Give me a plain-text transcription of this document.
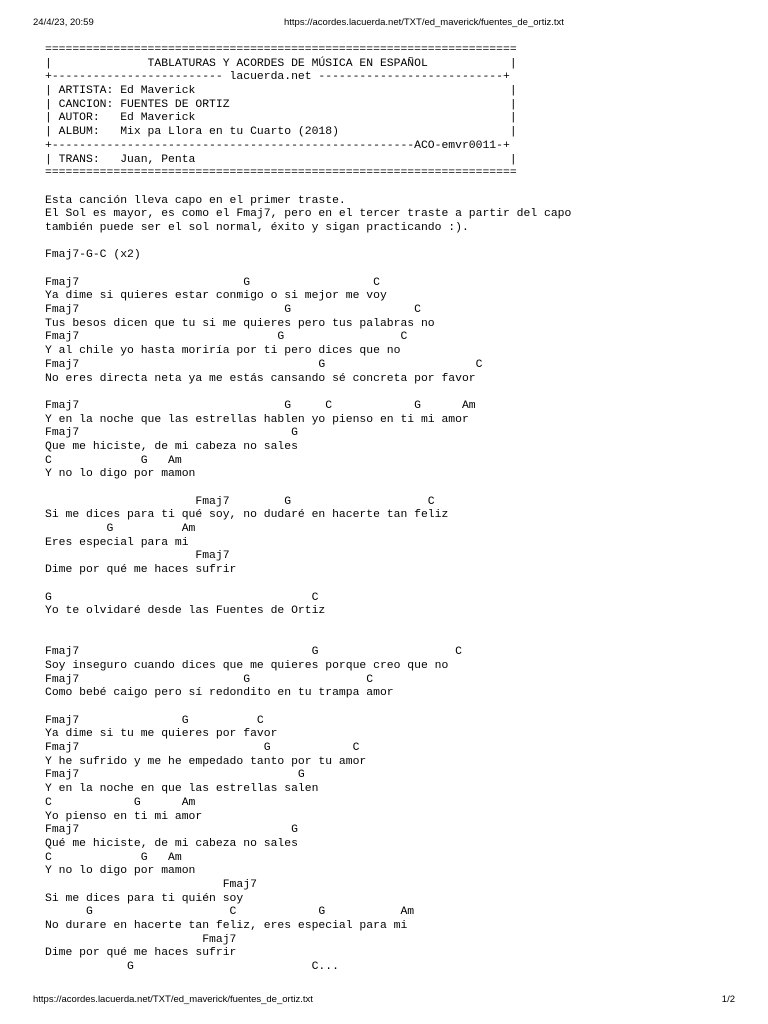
24/4/23, 20:59	https://acordes.lacuerda.net/TXT/ed_maverick/fuentes_de_ortiz.txt
=====================================================================
|              TABLATURAS Y ACORDES DE MÚSICA EN ESPAÑOL            |
+------------------------- lacuerda.net ---------------------------+
| ARTISTA: Ed Maverick                                              |
| CANCION: FUENTES DE ORTIZ                                         |
| AUTOR:   Ed Maverick                                              |
| ALBUM:   Mix pa Llora en tu Cuarto (2018)                         |
+-----------------------------------------------------ACO-emvr0011-+
| TRANS:   Juan, Penta                                              |
=====================================================================
Esta canción lleva capo en el primer traste.
El Sol es mayor, es como el Fmaj7, pero en el tercer traste a partir del capo
también puede ser el sol normal, éxito y sigan practicando :).
Fmaj7-G-C (x2)
Fmaj7                        G                  C
Ya dime si quieres estar conmigo o si mejor me voy
Fmaj7                              G                  C
Tus besos dicen que tu si me quieres pero tus palabras no
Fmaj7                             G                 C
Y al chile yo hasta moriría por ti pero dices que no
Fmaj7                                   G                      C
No eres directa neta ya me estás cansando sé concreta por favor
Fmaj7                              G     C            G      Am
Y en la noche que las estrellas hablen yo pienso en ti mi amor
Fmaj7                               G
Que me hiciste, de mi cabeza no sales
C             G   Am
Y no lo digo por mamon
Fmaj7        G                    C
Si me dices para ti qué soy, no dudaré en hacerte tan feliz
G          Am
Eres especial para mi
Fmaj7
Dime por qué me haces sufrir
G                                      C
Yo te olvidaré desde las Fuentes de Ortiz
Fmaj7                                  G                    C
Soy inseguro cuando dices que me quieres porque creo que no
Fmaj7                        G                 C
Como bebé caigo pero sí redondito en tu trampa amor
Fmaj7               G          C
Ya dime si tu me quieres por favor
Fmaj7                           G            C
Y he sufrido y me he empedado tanto por tu amor
Fmaj7                                G
Y en la noche en que las estrellas salen
C            G      Am
Yo pienso en ti mi amor
Fmaj7                               G
Qué me hiciste, de mi cabeza no sales
C             G   Am
Y no lo digo por mamon
Fmaj7
Si me dices para ti quién soy
G                    C            G           Am
No durare en hacerte tan feliz, eres especial para mi
Fmaj7
Dime por qué me haces sufrir
G                          C...
https://acordes.lacuerda.net/TXT/ed_maverick/fuentes_de_ortiz.txt	1/2
